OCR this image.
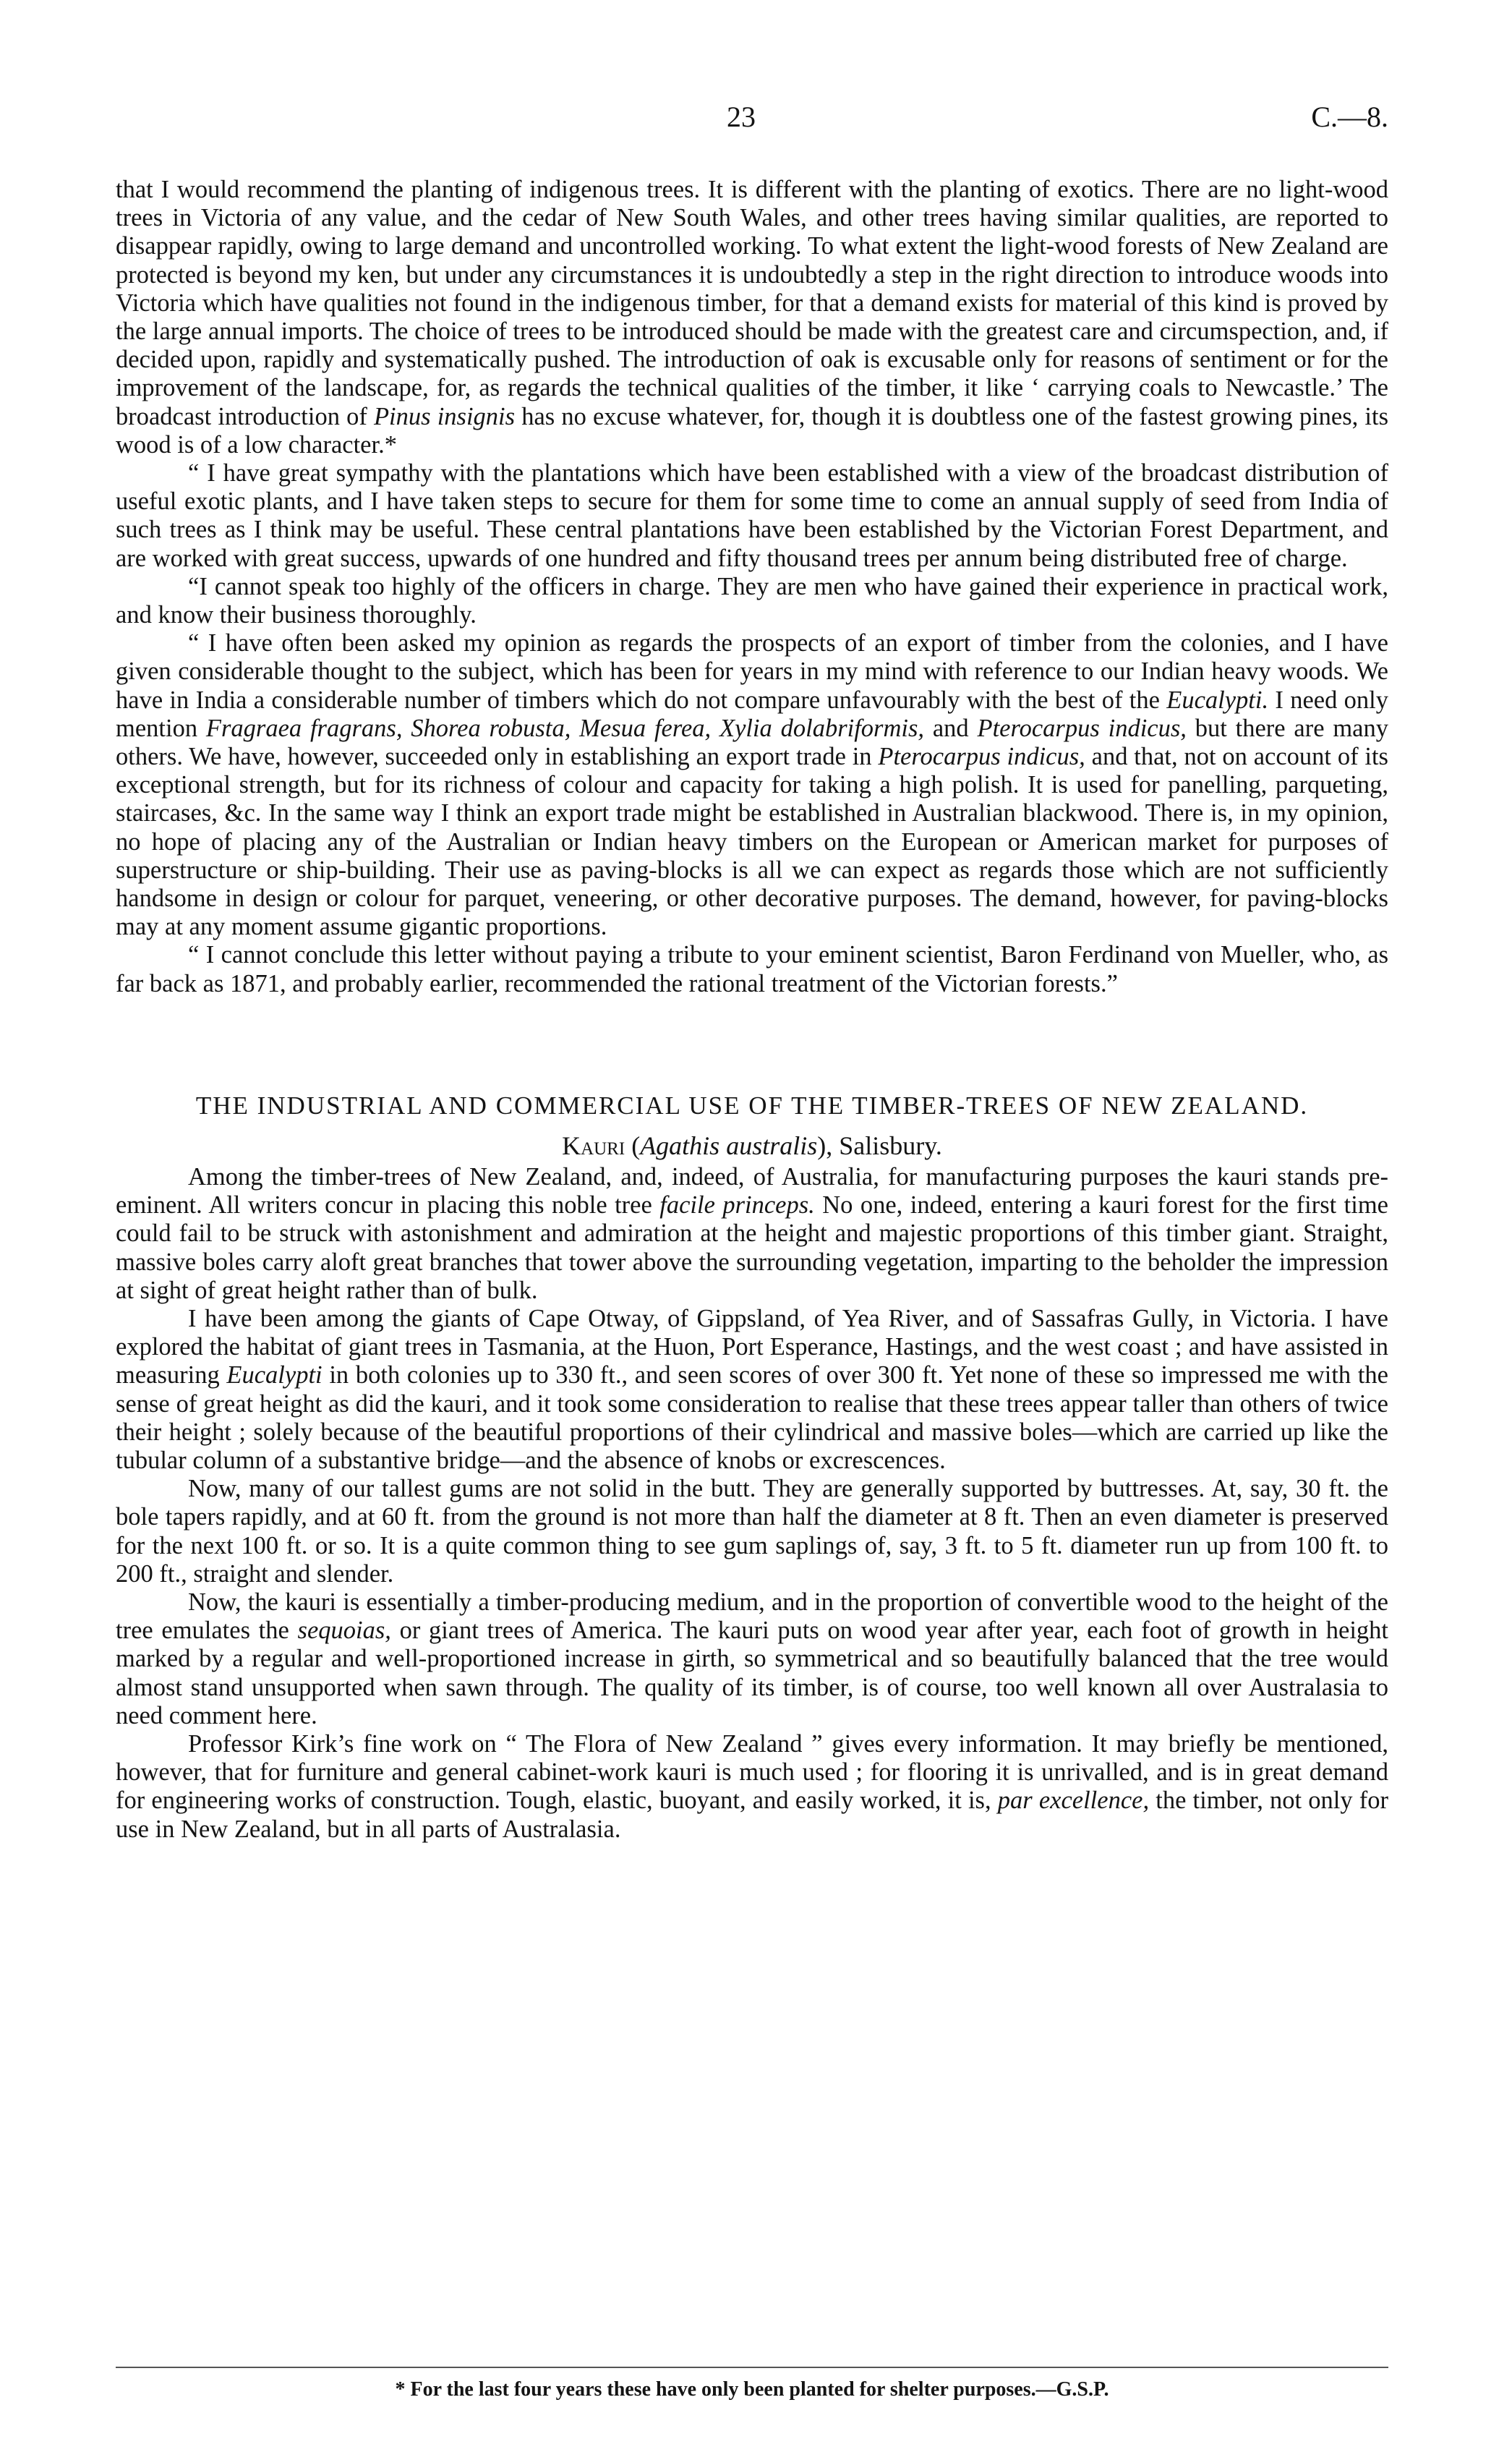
23	C.—8.

that I would recommend the planting of indigenous trees. It is different with the planting of exotics. There are no light-wood trees in Victoria of any value, and the cedar of New South Wales, and other trees having similar qualities, are reported to disappear rapidly, owing to large demand and uncontrolled working. To what extent the light-wood forests of New Zealand are protected is beyond my ken, but under any circumstances it is undoubtedly a step in the right direction to introduce woods into Victoria which have qualities not found in the indigenous timber, for that a demand exists for material of this kind is proved by the large annual imports. The choice of trees to be introduced should be made with the greatest care and circumspection, and, if decided upon, rapidly and systematically pushed. The introduction of oak is excusable only for reasons of sentiment or for the improvement of the landscape, for, as regards the technical qualities of the timber, it like ‘ carrying coals to Newcastle.’ The broadcast introduction of Pinus insignis has no excuse whatever, for, though it is doubtless one of the fastest growing pines, its wood is of a low character.*

“ I have great sympathy with the plantations which have been established with a view of the broadcast distribution of useful exotic plants, and I have taken steps to secure for them for some time to come an annual supply of seed from India of such trees as I think may be useful. These central plantations have been established by the Victorian Forest Department, and are worked with great success, upwards of one hundred and fifty thousand trees per annum being distributed free of charge.

“I cannot speak too highly of the officers in charge. They are men who have gained their experience in practical work, and know their business thoroughly.

“ I have often been asked my opinion as regards the prospects of an export of timber from the colonies, and I have given considerable thought to the subject, which has been for years in my mind with reference to our Indian heavy woods. We have in India a considerable number of timbers which do not compare unfavourably with the best of the Eucalypti. I need only mention Fragraea fragrans, Shorea robusta, Mesua ferea, Xylia dolabriformis, and Pterocarpus indicus, but there are many others. We have, however, succeeded only in establishing an export trade in Pterocarpus indicus, and that, not on account of its exceptional strength, but for its richness of colour and capacity for taking a high polish. It is used for panelling, parqueting, staircases, &c. In the same way I think an export trade might be established in Australian blackwood. There is, in my opinion, no hope of placing any of the Australian or Indian heavy timbers on the European or American market for purposes of superstructure or ship-building. Their use as paving-blocks is all we can expect as regards those which are not sufficiently handsome in design or colour for parquet, veneering, or other decorative purposes. The demand, however, for paving-blocks may at any moment assume gigantic proportions.

“ I cannot conclude this letter without paying a tribute to your eminent scientist, Baron Ferdinand von Mueller, who, as far back as 1871, and probably earlier, recommended the rational treatment of the Victorian forests.”

THE INDUSTRIAL AND COMMERCIAL USE OF THE TIMBER-TREES OF NEW ZEALAND.
Kauri (Agathis australis), Salisbury.

Among the timber-trees of New Zealand, and, indeed, of Australia, for manufacturing purposes the kauri stands pre-eminent. All writers concur in placing this noble tree facile princeps. No one, indeed, entering a kauri forest for the first time could fail to be struck with astonishment and admiration at the height and majestic proportions of this timber giant. Straight, massive boles carry aloft great branches that tower above the surrounding vegetation, imparting to the beholder the impression at sight of great height rather than of bulk.

I have been among the giants of Cape Otway, of Gippsland, of Yea River, and of Sassafras Gully, in Victoria. I have explored the habitat of giant trees in Tasmania, at the Huon, Port Esperance, Hastings, and the west coast ; and have assisted in measuring Eucalypti in both colonies up to 330 ft., and seen scores of over 300 ft. Yet none of these so impressed me with the sense of great height as did the kauri, and it took some consideration to realise that these trees appear taller than others of twice their height ; solely because of the beautiful proportions of their cylindrical and massive boles—which are carried up like the tubular column of a substantive bridge—and the absence of knobs or excrescences.

Now, many of our tallest gums are not solid in the butt. They are generally supported by buttresses. At, say, 30 ft. the bole tapers rapidly, and at 60 ft. from the ground is not more than half the diameter at 8 ft. Then an even diameter is preserved for the next 100 ft. or so. It is a quite common thing to see gum saplings of, say, 3 ft. to 5 ft. diameter run up from 100 ft. to 200 ft., straight and slender.

Now, the kauri is essentially a timber-producing medium, and in the proportion of convertible wood to the height of the tree emulates the sequoias, or giant trees of America. The kauri puts on wood year after year, each foot of growth in height marked by a regular and well-proportioned increase in girth, so symmetrical and so beautifully balanced that the tree would almost stand unsupported when sawn through. The quality of its timber, is of course, too well known all over Australasia to need comment here.

Professor Kirk’s fine work on “ The Flora of New Zealand ” gives every information. It may briefly be mentioned, however, that for furniture and general cabinet-work kauri is much used ; for flooring it is unrivalled, and is in great demand for engineering works of construction. Tough, elastic, buoyant, and easily worked, it is, par excellence, the timber, not only for use in New Zealand, but in all parts of Australasia.

* For the last four years these have only been planted for shelter purposes.—G.S.P.
